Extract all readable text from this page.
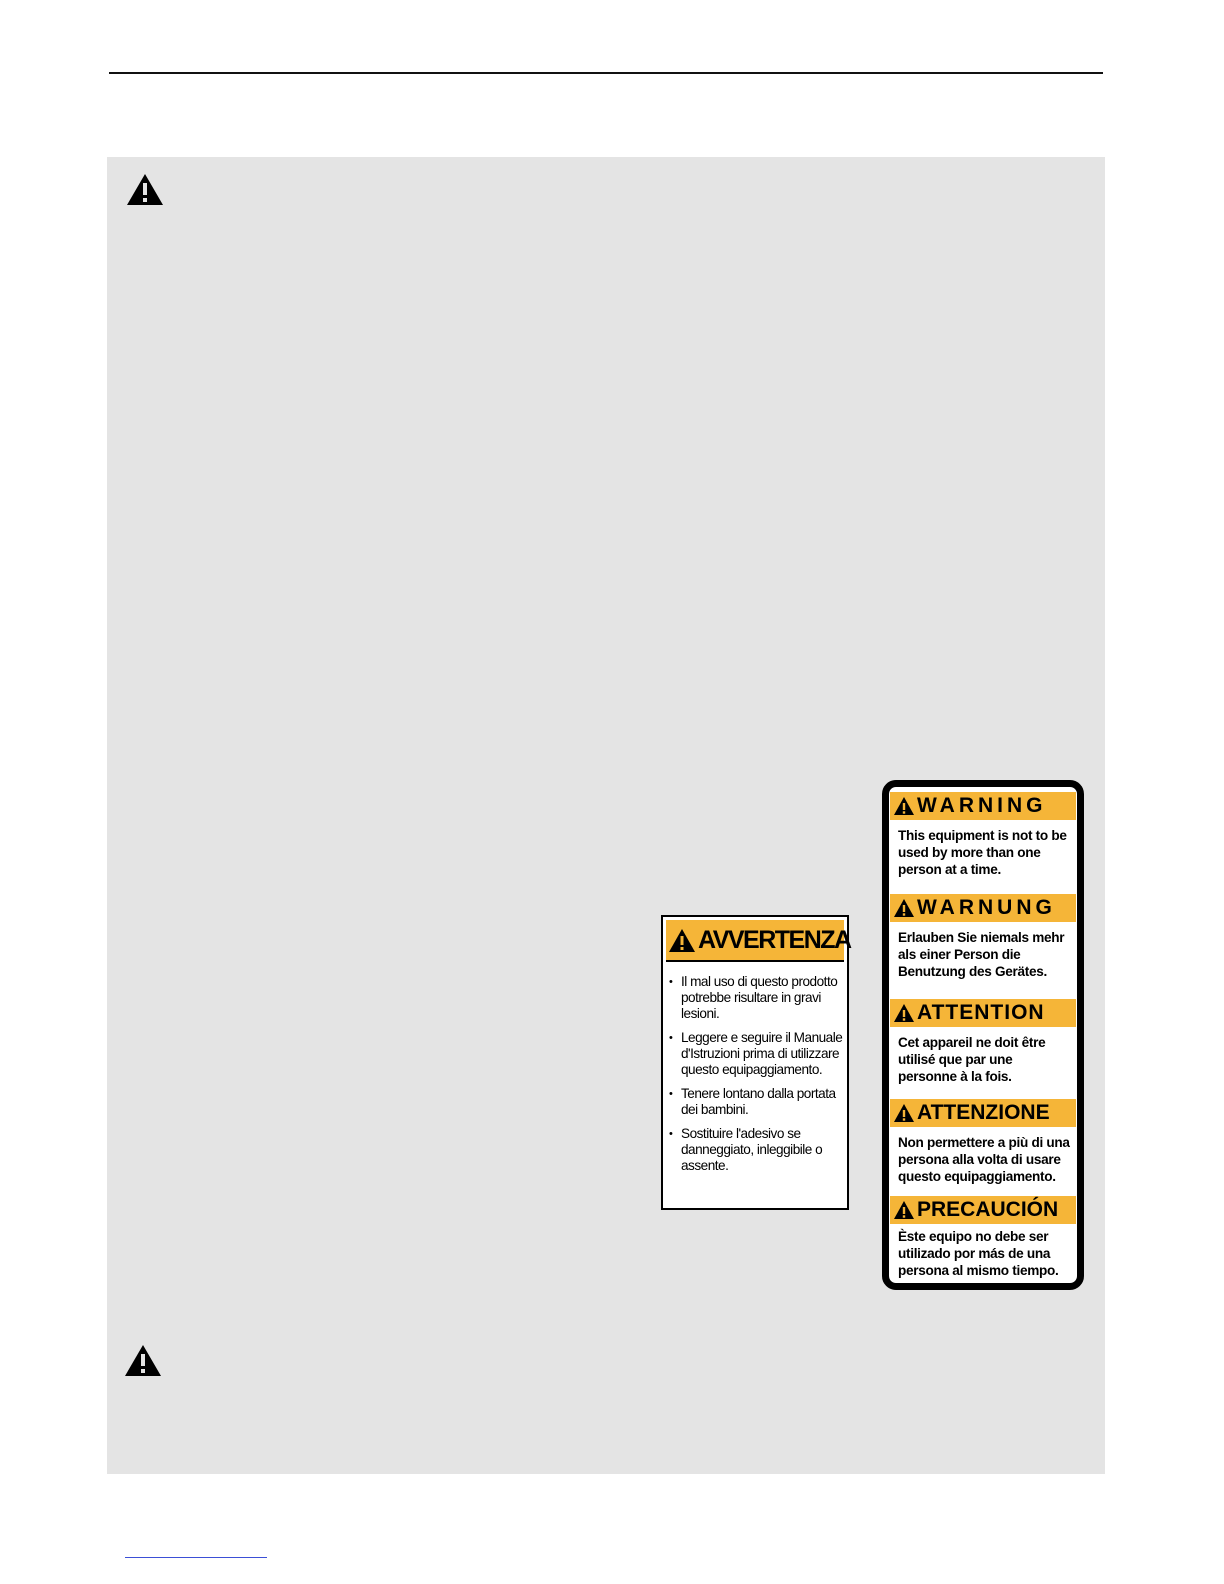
AVVERTENZA
• Il mal uso di questo prodotto potrebbe risultare in gravi lesioni.
• Leggere e seguire il Manuale d'Istruzioni prima di utilizzare questo equipaggiamento.
• Tenere lontano dalla portata dei bambini.
• Sostituire l'adesivo se danneggiato, inleggibile o assente.
WARNING
This equipment is not to be used by more than one person at a time.
WARNUNG
Erlauben Sie niemals mehr als einer Person die Benutzung des Gerätes.
ATTENTION
Cet appareil ne doit être utilisé que par une personne à la fois.
ATTENZIONE
Non permettere a più di una persona alla volta di usare questo equipaggiamento.
PRECAUCIÓN
Èste equipo no debe ser utilizado por más de una persona al mismo tiempo.
